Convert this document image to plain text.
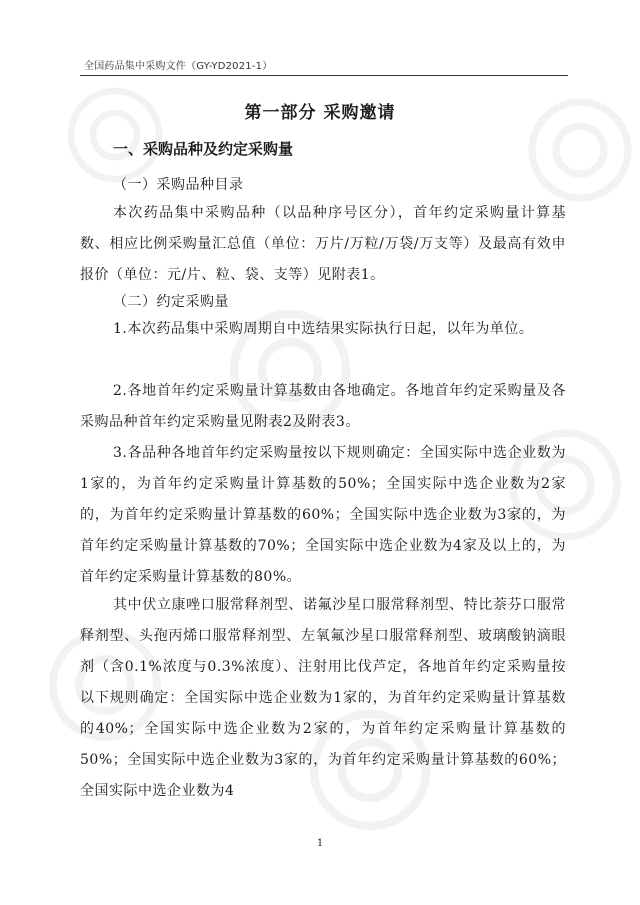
全国药品集中采购文件（GY-YD2021-1）
第一部分 采购邀请
一、采购品种及约定采购量
（一）采购品种目录

本次药品集中采购品种（以品种序号区分），首年约定采购量计算基数、相应比例采购量汇总值（单位：万片/万粒/万袋/万支等）及最高有效申报价（单位：元/片、粒、袋、支等）见附表1。

（二）约定采购量

1.本次药品集中采购周期自中选结果实际执行日起，以年为单位。

2.各地首年约定采购量计算基数由各地确定。各地首年约定采购量及各采购品种首年约定采购量见附表2及附表3。

3.各品种各地首年约定采购量按以下规则确定：全国实际中选企业数为1家的，为首年约定采购量计算基数的50%；全国实际中选企业数为2家的，为首年约定采购量计算基数的60%；全国实际中选企业数为3家的，为首年约定采购量计算基数的70%；全国实际中选企业数为4家及以上的，为首年约定采购量计算基数的80%。

其中伏立康唑口服常释剂型、诺氟沙星口服常释剂型、特比萘芬口服常释剂型、头孢丙烯口服常释剂型、左氧氟沙星口服常释剂型、玻璃酸钠滴眼剂（含0.1%浓度与0.3%浓度）、注射用比伐芦定，各地首年约定采购量按以下规则确定：全国实际中选企业数为1家的，为首年约定采购量计算基数的40%；全国实际中选企业数为2家的，为首年约定采购量计算基数的50%；全国实际中选企业数为3家的，为首年约定采购量计算基数的60%；全国实际中选企业数为4

1
